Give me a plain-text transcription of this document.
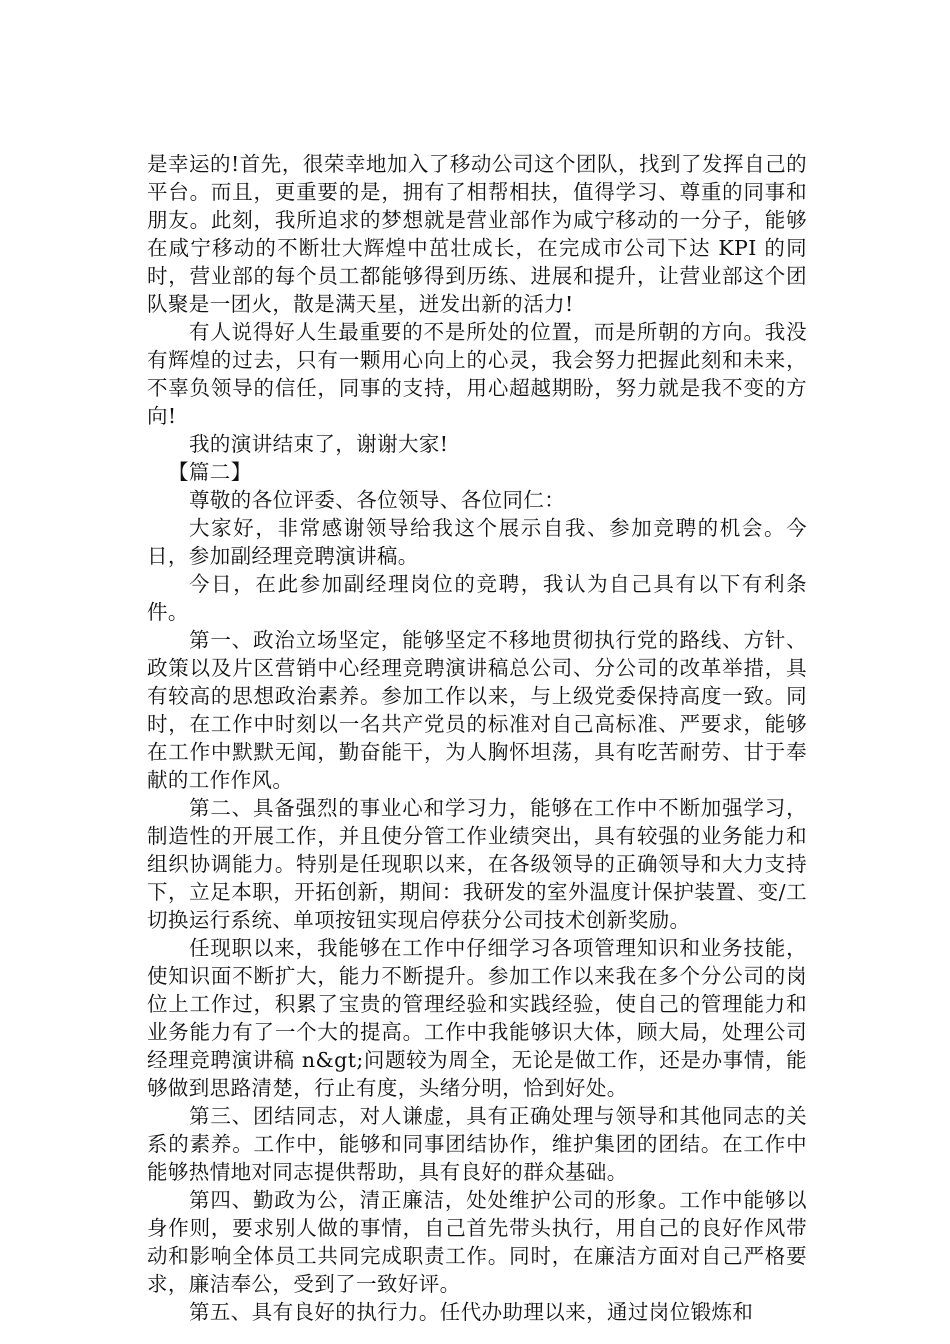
是幸运的!首先，很荣幸地加入了移动公司这个团队，找到了发挥自己的平台。而且，更重要的是，拥有了相帮相扶，值得学习、尊重的同事和朋友。此刻，我所追求的梦想就是营业部作为咸宁移动的一分子，能够在咸宁移动的不断壮大辉煌中茁壮成长，在完成市公司下达 KPI 的同时，营业部的每个员工都能够得到历练、进展和提升，让营业部这个团队聚是一团火，散是满天星，迸发出新的活力!

有人说得好人生最重要的不是所处的位置，而是所朝的方向。我没有辉煌的过去，只有一颗用心向上的心灵，我会努力把握此刻和未来，不辜负领导的信任，同事的支持，用心超越期盼，努力就是我不变的方向!

我的演讲结束了，谢谢大家!

【篇二】

尊敬的各位评委、各位领导、各位同仁：

大家好，非常感谢领导给我这个展示自我、参加竞聘的机会。今日，参加副经理竞聘演讲稿。

今日，在此参加副经理岗位的竞聘，我认为自己具有以下有利条件。

第一、政治立场坚定，能够坚定不移地贯彻执行党的路线、方针、政策以及片区营销中心经理竞聘演讲稿总公司、分公司的改革举措，具有较高的思想政治素养。参加工作以来，与上级党委保持高度一致。同时，在工作中时刻以一名共产党员的标准对自己高标准、严要求，能够在工作中默默无闻，勤奋能干，为人胸怀坦荡，具有吃苦耐劳、甘于奉献的工作作风。

第二、具备强烈的事业心和学习力，能够在工作中不断加强学习，制造性的开展工作，并且使分管工作业绩突出，具有较强的业务能力和组织协调能力。特别是任现职以来，在各级领导的正确领导和大力支持下，立足本职，开拓创新，期间：我研发的室外温度计保护装置、变/工切换运行系统、单项按钮实现启停获分公司技术创新奖励。

任现职以来，我能够在工作中仔细学习各项管理知识和业务技能，使知识面不断扩大，能力不断提升。参加工作以来我在多个分公司的岗位上工作过，积累了宝贵的管理经验和实践经验，使自己的管理能力和业务能力有了一个大的提高。工作中我能够识大体，顾大局，处理公司经理竞聘演讲稿 n&gt;问题较为周全，无论是做工作，还是办事情，能够做到思路清楚，行止有度，头绪分明，恰到好处。

第三、团结同志，对人谦虚，具有正确处理与领导和其他同志的关系的素养。工作中，能够和同事团结协作，维护集团的团结。在工作中能够热情地对同志提供帮助，具有良好的群众基础。

第四、勤政为公，清正廉洁，处处维护公司的形象。工作中能够以身作则，要求别人做的事情，自己首先带头执行，用自己的良好作风带动和影响全体员工共同完成职责工作。同时，在廉洁方面对自己严格要求，廉洁奉公，受到了一致好评。

第五、具有良好的执行力。任代办助理以来，通过岗位锻炼和
